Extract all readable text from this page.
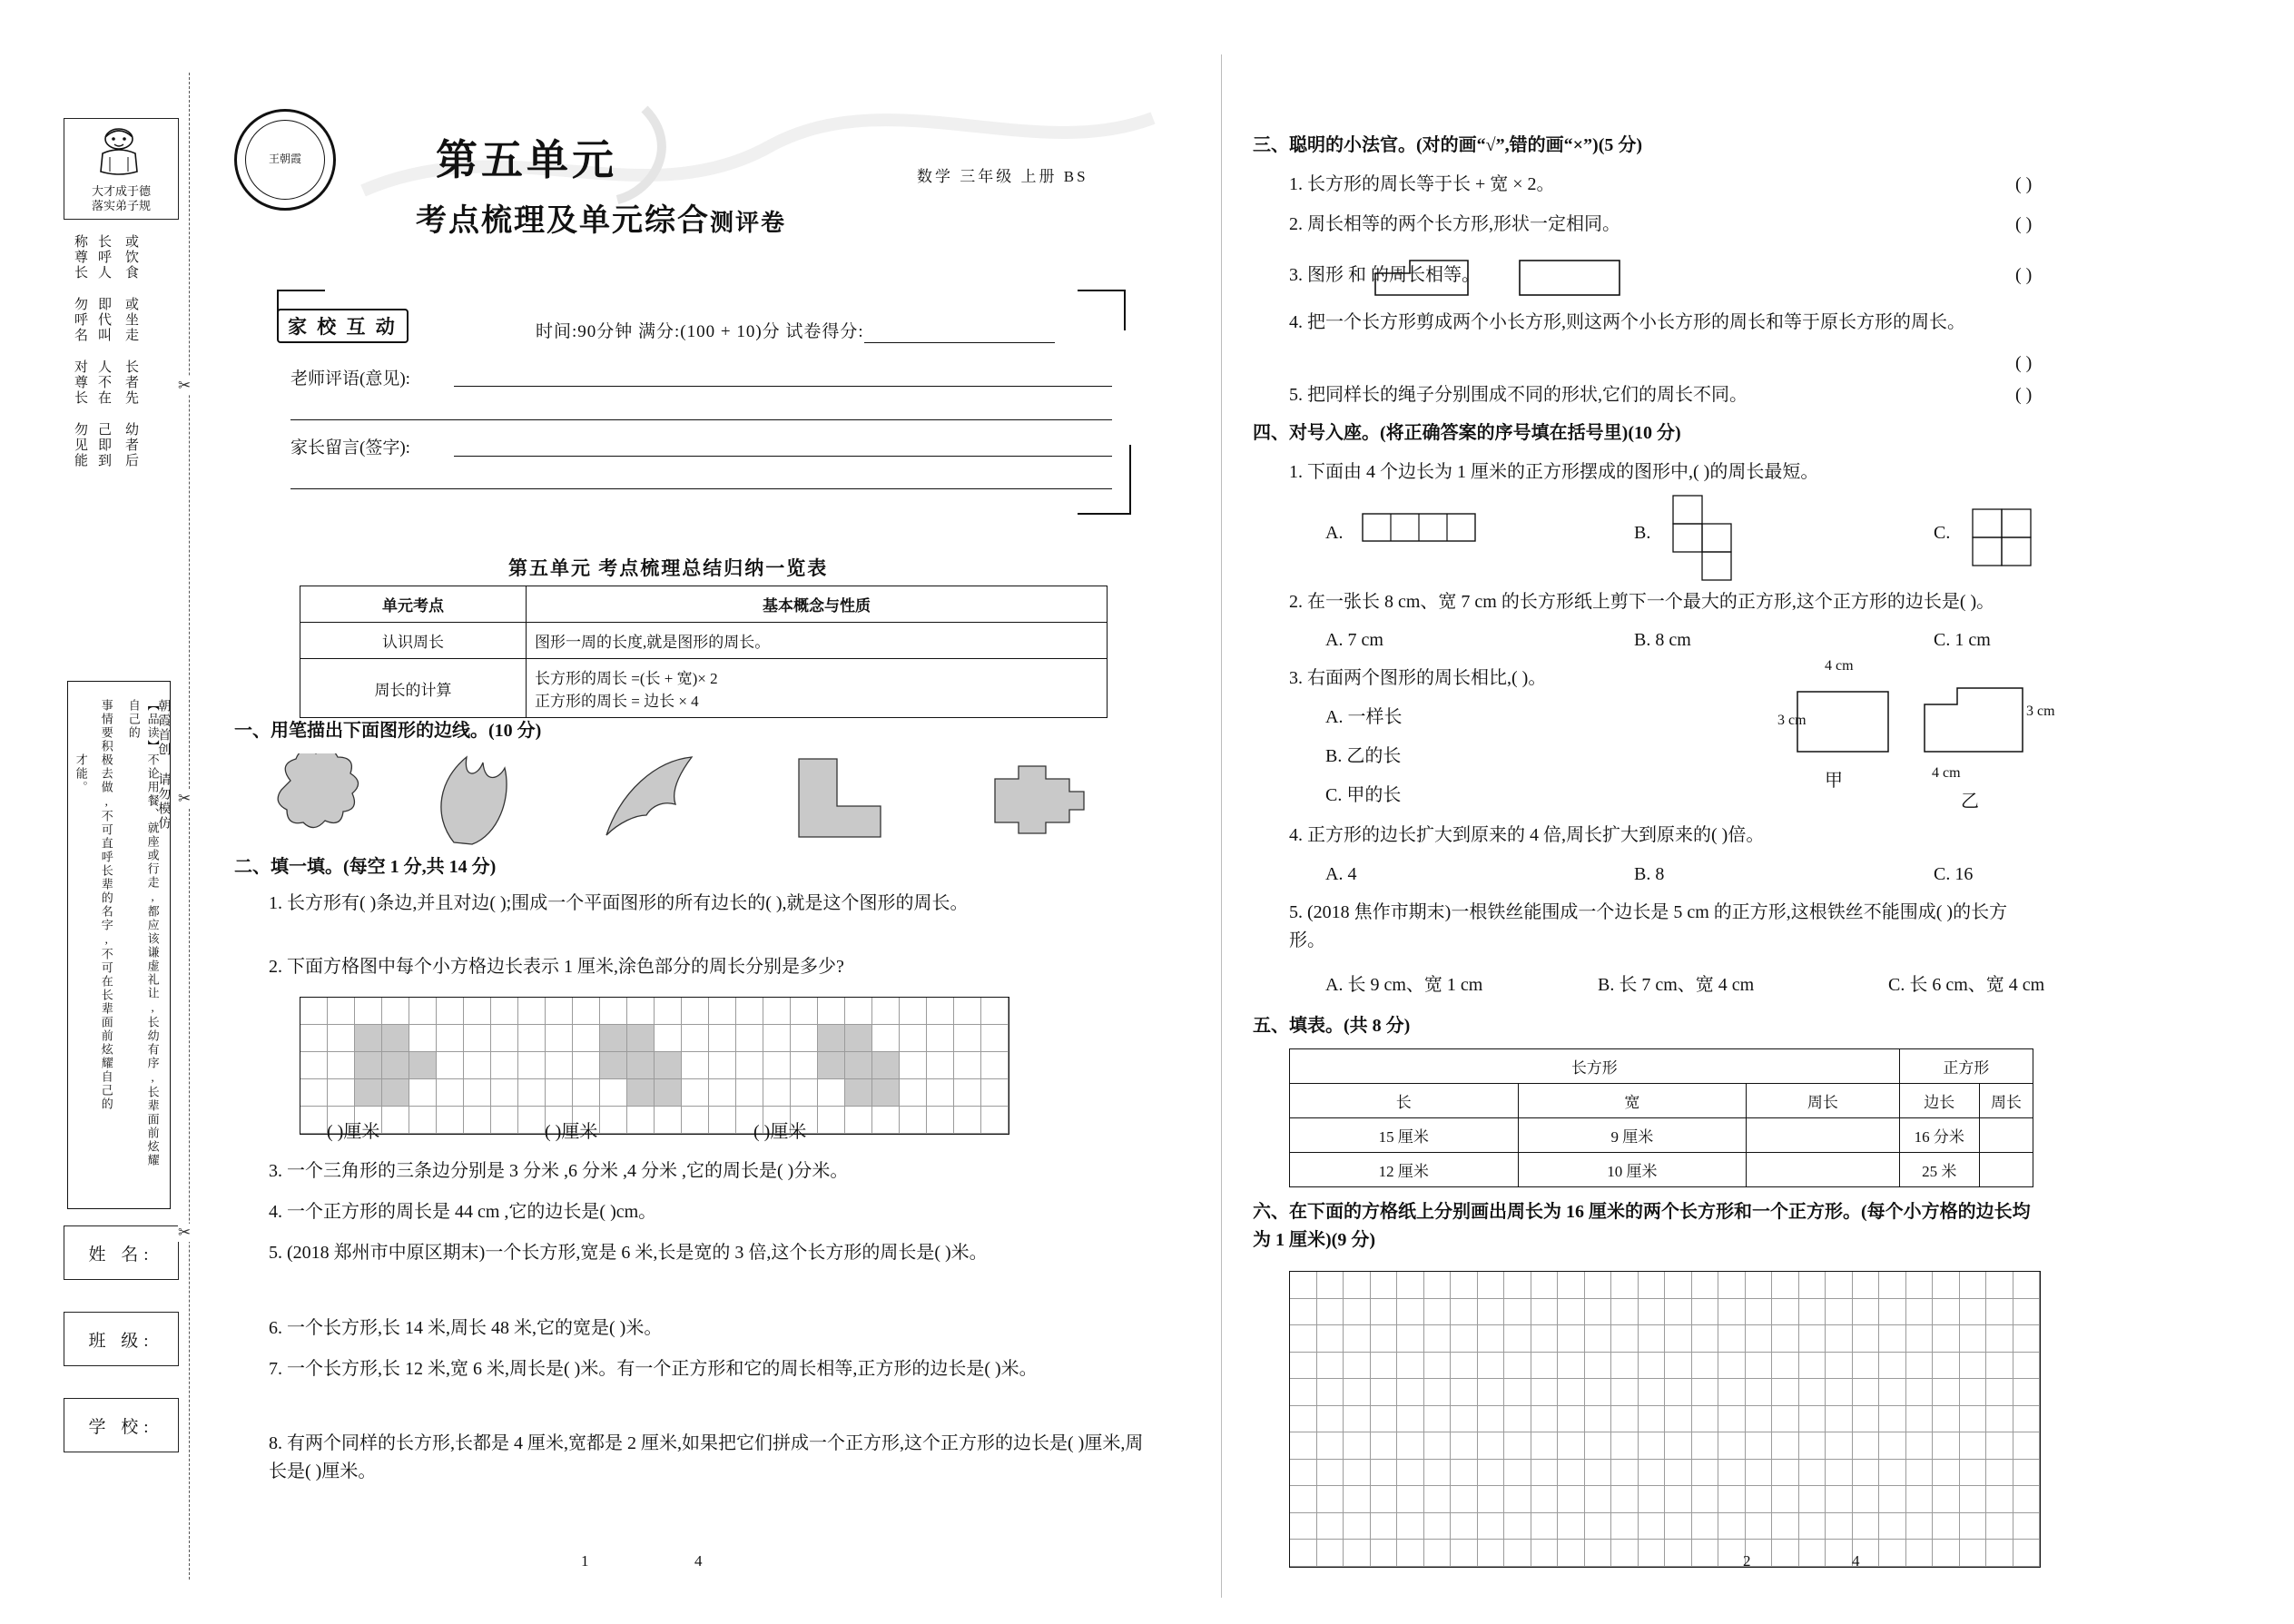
大才成于德
落实弟子规
称尊长 勿呼名 对尊长 勿见能 长呼人 即代叫 人不在 己即到 或饮食 或坐走 长者先 幼者后
才能。 事情要积极去做,不可直呼长辈的名字,不可在长辈面前炫耀自己的	【品读】不论用餐、就座或行走,都应该谦虚礼让,长幼有序,长辈面前炫耀自己的	朝霞首创 请勿模仿
姓 名:
班 级:
学 校:
✂
✂
✂
王朝霞	第五单元
考点梳理及单元综合测评卷
数学 三年级 上册 BS
家 校 互 动	时间:90分钟 满分:(100 + 10)分 试卷得分:
老师评语(意见):
家长留言(签字):
第五单元 考点梳理总结归纳一览表
单元考点	基本概念与性质
认识周长	图形一周的长度,就是图形的周长。
周长的计算	长方形的周长 =(长 + 宽)× 2
正方形的周长 = 边长 × 4
一、用笔描出下面图形的边线。(10 分)
二、填一填。(每空 1 分,共 14 分)
1. 长方形有( )条边,并且对边( );围成一个平面图形的所有边长的( ),就是这个图形的周长。
2. 下面方格图中每个小方格边长表示 1 厘米,涂色部分的周长分别是多少?
( )厘米	( )厘米	( )厘米
3. 一个三角形的三条边分别是 3 分米 ,6 分米 ,4 分米 ,它的周长是( )分米。
4. 一个正方形的周长是 44 cm ,它的边长是( )cm。
5. (2018 郑州市中原区期末)一个长方形,宽是 6 米,长是宽的 3 倍,这个长方形的周长是( )米。
6. 一个长方形,长 14 米,周长 48 米,它的宽是( )米。
7. 一个长方形,长 12 米,宽 6 米,周长是( )米。有一个正方形和它的周长相等,正方形的边长是( )米。
8. 有两个同样的长方形,长都是 4 厘米,宽都是 2 厘米,如果把它们拼成一个正方形,这个正方形的边长是( )厘米,周长是( )厘米。
1	4
三、聪明的小法官。(对的画“√”,错的画“×”)(5 分)
1. 长方形的周长等于长 + 宽 × 2。	( )
2. 周长相等的两个长方形,形状一定相同。	( )
3. 图形 和 的周长相等。	( )
4. 把一个长方形剪成两个小长方形,则这两个小长方形的周长和等于原长方形的周长。
( )
5. 把同样长的绳子分别围成不同的形状,它们的周长不同。	( )
四、对号入座。(将正确答案的序号填在括号里)(10 分)
1. 下面由 4 个边长为 1 厘米的正方形摆成的图形中,( )的周长最短。
A.	B.	C.
2. 在一张长 8 cm、宽 7 cm 的长方形纸上剪下一个最大的正方形,这个正方形的边长是( )。
A. 7 cm	B. 8 cm	C. 1 cm
3. 右面两个图形的周长相比,( )。
A. 一样长
B. 乙的长
C. 甲的长
3 cm
4 cm
甲
3 cm
4 cm
乙
4. 正方形的边长扩大到原来的 4 倍,周长扩大到原来的( )倍。
A. 4	B. 8	C. 16
5. (2018 焦作市期末)一根铁丝能围成一个边长是 5 cm 的正方形,这根铁丝不能围成( )的长方形。
A. 长 9 cm、宽 1 cm	B. 长 7 cm、宽 4 cm	C. 长 6 cm、宽 4 cm
五、填表。(共 8 分)
长方形			正方形	
长	宽	周长	边长	周长
15 厘米	9 厘米		16 分米	
12 厘米	10 厘米		25 米	
六、在下面的方格纸上分别画出周长为 16 厘米的两个长方形和一个正方形。(每个小方格的边长均为 1 厘米)(9 分)
2	4
